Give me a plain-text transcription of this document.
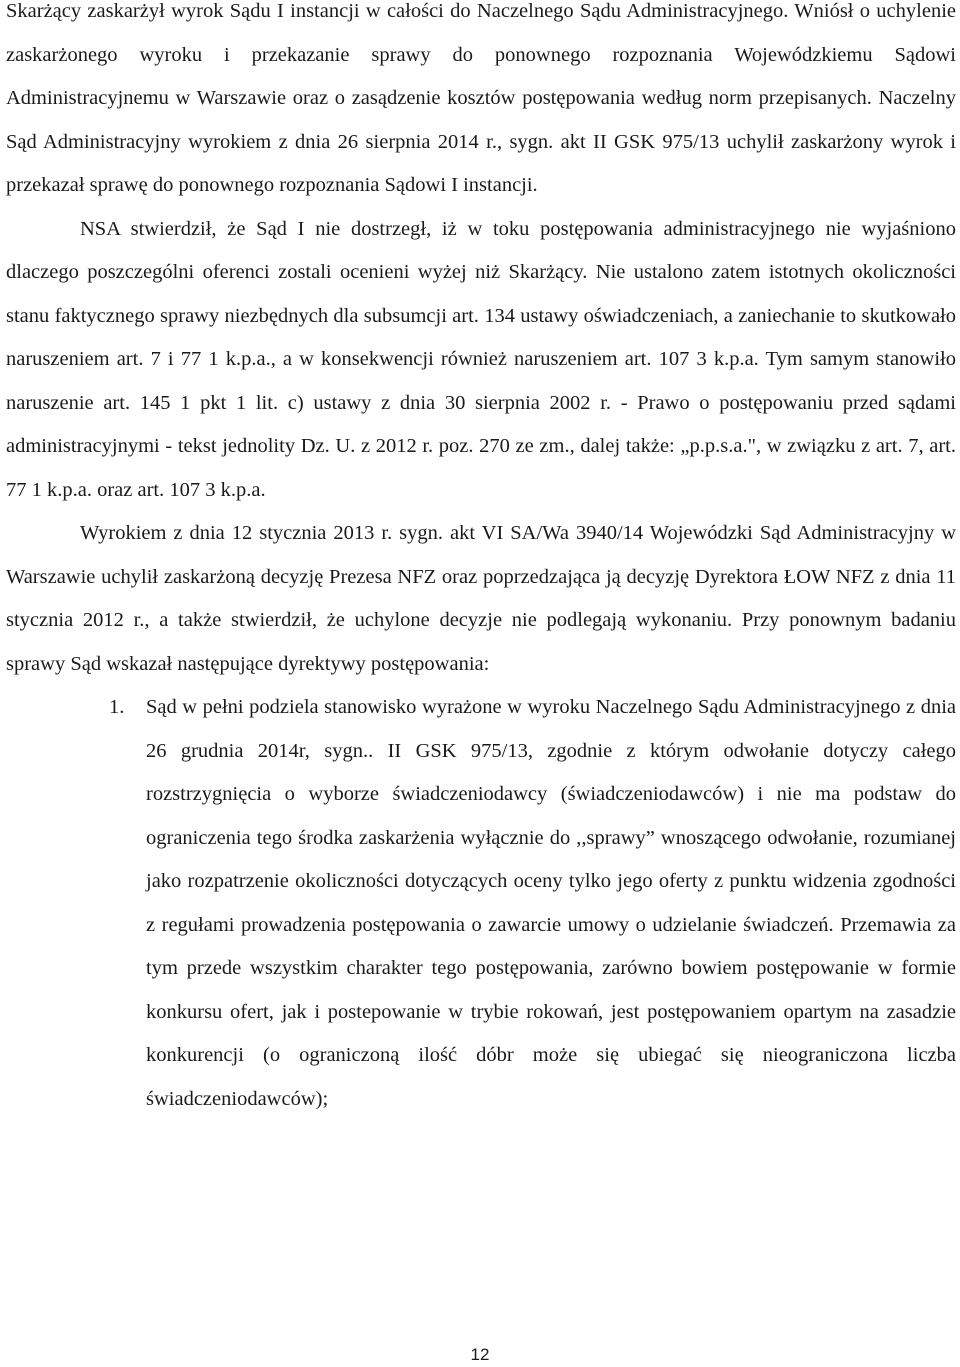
Skarżący zaskarżył wyrok Sądu I instancji w całości do Naczelnego Sądu Administracyjnego. Wniósł o uchylenie zaskarżonego wyroku i przekazanie sprawy do ponownego rozpoznania Wojewódzkiemu Sądowi Administracyjnemu w Warszawie oraz o zasądzenie kosztów postępowania według norm przepisanych. Naczelny Sąd Administracyjny wyrokiem z dnia 26 sierpnia 2014 r., sygn. akt II GSK 975/13 uchylił zaskarżony wyrok i przekazał sprawę do ponownego rozpoznania Sądowi I instancji.

NSA stwierdził, że Sąd I nie dostrzegł, iż w toku postępowania administracyjnego nie wyjaśniono dlaczego poszczególni oferenci zostali ocenieni wyżej niż Skarżący. Nie ustalono zatem istotnych okoliczności stanu faktycznego sprawy niezbędnych dla subsumcji art. 134 ustawy oświadczeniach, a zaniechanie to skutkowało naruszeniem art. 7 i 77 1 k.p.a., a w konsekwencji również naruszeniem art. 107 3 k.p.a. Tym samym stanowiło naruszenie art. 145 1 pkt 1 lit. c) ustawy z dnia 30 sierpnia 2002 r. - Prawo o postępowaniu przed sądami administracyjnymi - tekst jednolity Dz. U. z 2012 r. poz. 270 ze zm., dalej także: „p.p.s.a.", w związku z art. 7, art. 77 1 k.p.a. oraz art. 107 3 k.p.a.

Wyrokiem z dnia 12 stycznia 2013 r. sygn. akt VI SA/Wa 3940/14 Wojewódzki Sąd Administracyjny w Warszawie uchylił zaskarżoną decyzję Prezesa NFZ oraz poprzedzająca ją decyzję Dyrektora ŁOW NFZ z dnia 11 stycznia 2012 r., a także stwierdził, że uchylone decyzje nie podlegają wykonaniu. Przy ponownym badaniu sprawy Sąd wskazał następujące dyrektywy postępowania:

1. Sąd w pełni podziela stanowisko wyrażone w wyroku Naczelnego Sądu Administracyjnego z dnia 26 grudnia 2014r, sygn.. II GSK 975/13, zgodnie z którym odwołanie dotyczy całego rozstrzygnięcia o wyborze świadczeniodawcy (świadczeniodawców) i nie ma podstaw do ograniczenia tego środka zaskarżenia wyłącznie do ,,sprawy” wnoszącego odwołanie, rozumianej jako rozpatrzenie okoliczności dotyczących oceny tylko jego oferty z punktu widzenia zgodności z regułami prowadzenia postępowania o zawarcie umowy o udzielanie świadczeń. Przemawia za tym przede wszystkim charakter tego postępowania, zarówno bowiem postępowanie w formie konkursu ofert, jak i postepowanie w trybie rokowań, jest postępowaniem opartym na zasadzie konkurencji (o ograniczoną ilość dóbr może się ubiegać się nieograniczona liczba świadczeniodawców);
12
